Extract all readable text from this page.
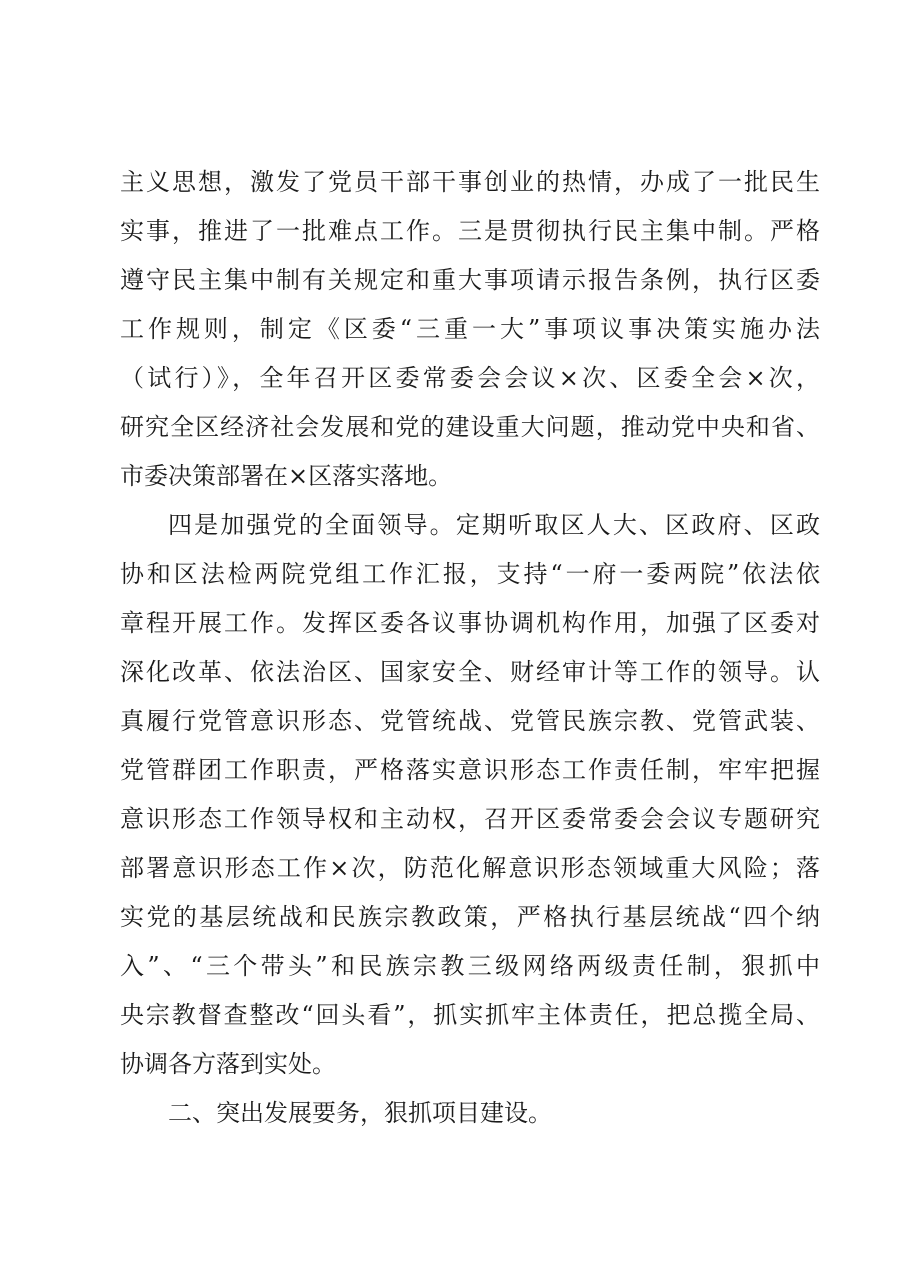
主义思想，激发了党员干部干事创业的热情，办成了一批民生
实事，推进了一批难点工作。三是贯彻执行民主集中制。严格
遵守民主集中制有关规定和重大事项请示报告条例，执行区委
工作规则，制定《区委“三重一大”事项议事决策实施办法
（试行）》，全年召开区委常委会会议×次、区委全会×次，
研究全区经济社会发展和党的建设重大问题，推动党中央和省、
市委决策部署在×区落实落地。
四是加强党的全面领导。定期听取区人大、区政府、区政
协和区法检两院党组工作汇报，支持“一府一委两院”依法依
章程开展工作。发挥区委各议事协调机构作用，加强了区委对
深化改革、依法治区、国家安全、财经审计等工作的领导。认
真履行党管意识形态、党管统战、党管民族宗教、党管武装、
党管群团工作职责，严格落实意识形态工作责任制，牢牢把握
意识形态工作领导权和主动权，召开区委常委会会议专题研究
部署意识形态工作×次，防范化解意识形态领域重大风险；落
实党的基层统战和民族宗教政策，严格执行基层统战“四个纳
入”、“三个带头”和民族宗教三级网络两级责任制，狠抓中
央宗教督查整改“回头看”，抓实抓牢主体责任，把总揽全局、
协调各方落到实处。
二、突出发展要务，狠抓项目建设。
